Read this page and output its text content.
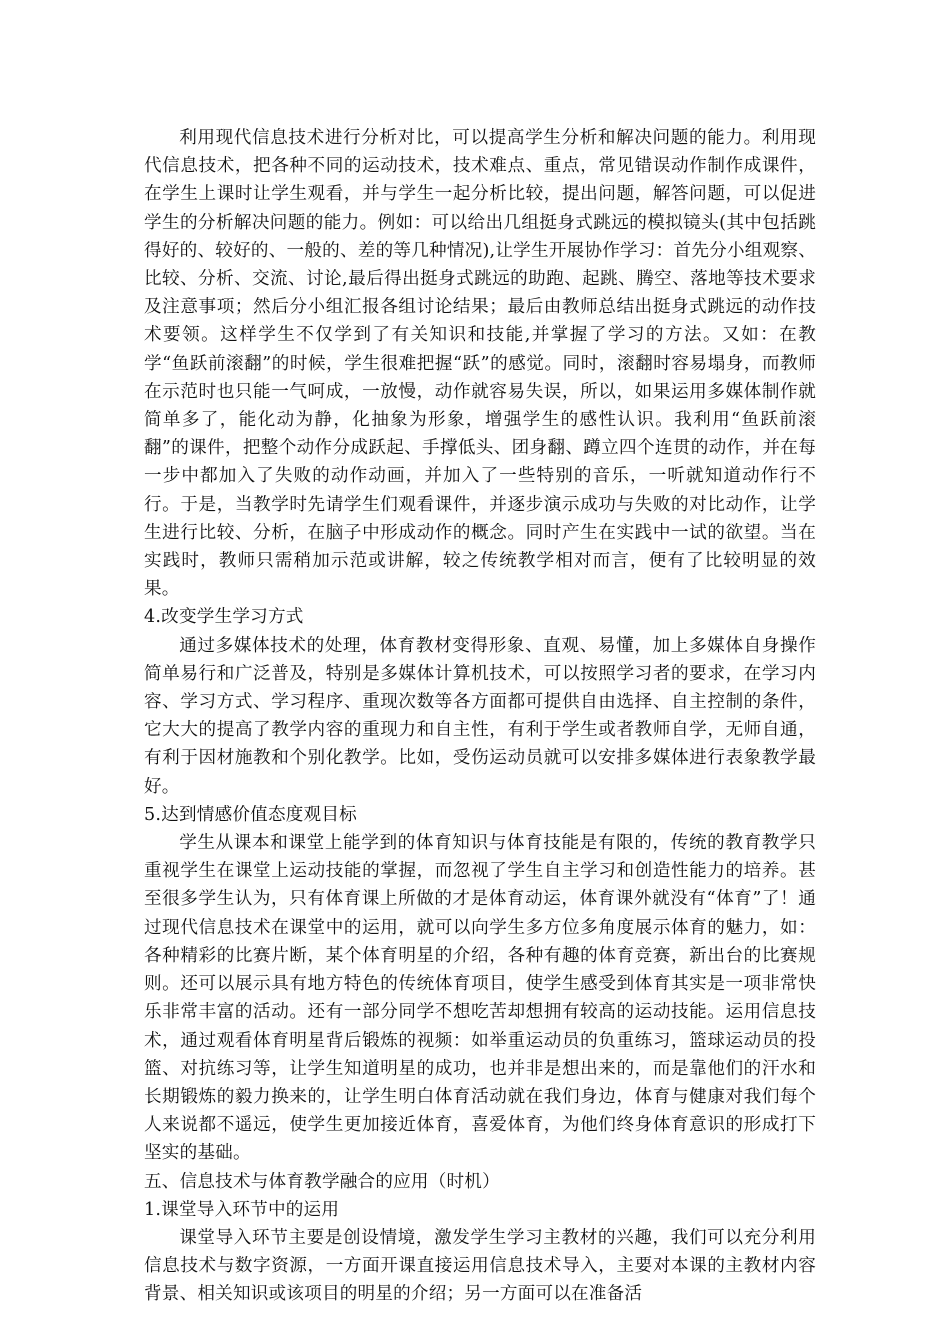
利用现代信息技术进行分析对比，可以提高学生分析和解决问题的能力。利用现代信息技术，把各种不同的运动技术，技术难点、重点，常见错误动作制作成课件，在学生上课时让学生观看，并与学生一起分析比较，提出问题，解答问题，可以促进学生的分析解决问题的能力。例如：可以给出几组挺身式跳远的模拟镜头(其中包括跳得好的、较好的、一般的、差的等几种情况),让学生开展协作学习：首先分小组观察、比较、分析、交流、讨论,最后得出挺身式跳远的助跑、起跳、腾空、落地等技术要求及注意事项；然后分小组汇报各组讨论结果；最后由教师总结出挺身式跳远的动作技术要领。这样学生不仅学到了有关知识和技能,并掌握了学习的方法。又如：在教学“鱼跃前滚翻”的时候，学生很难把握“跃”的感觉。同时，滚翻时容易塌身，而教师在示范时也只能一气呵成，一放慢，动作就容易失误，所以，如果运用多媒体制作就简单多了，能化动为静，化抽象为形象，增强学生的感性认识。我利用“鱼跃前滚翻”的课件，把整个动作分成跃起、手撑低头、团身翻、蹲立四个连贯的动作，并在每一步中都加入了失败的动作动画，并加入了一些特别的音乐，一听就知道动作行不行。于是，当教学时先请学生们观看课件，并逐步演示成功与失败的对比动作，让学生进行比较、分析，在脑子中形成动作的概念。同时产生在实践中一试的欲望。当在实践时，教师只需稍加示范或讲解，较之传统教学相对而言，便有了比较明显的效果。

4.改变学生学习方式

通过多媒体技术的处理，体育教材变得形象、直观、易懂，加上多媒体自身操作简单易行和广泛普及，特别是多媒体计算机技术，可以按照学习者的要求，在学习内容、学习方式、学习程序、重现次数等各方面都可提供自由选择、自主控制的条件，它大大的提高了教学内容的重现力和自主性，有利于学生或者教师自学，无师自通，有利于因材施教和个别化教学。比如，受伤运动员就可以安排多媒体进行表象教学最好。

5.达到情感价值态度观目标

学生从课本和课堂上能学到的体育知识与体育技能是有限的，传统的教育教学只重视学生在课堂上运动技能的掌握，而忽视了学生自主学习和创造性能力的培养。甚至很多学生认为，只有体育课上所做的才是体育动运，体育课外就没有“体育”了！通过现代信息技术在课堂中的运用，就可以向学生多方位多角度展示体育的魅力，如：各种精彩的比赛片断，某个体育明星的介绍，各种有趣的体育竞赛，新出台的比赛规则。还可以展示具有地方特色的传统体育项目，使学生感受到体育其实是一项非常快乐非常丰富的活动。还有一部分同学不想吃苦却想拥有较高的运动技能。运用信息技术，通过观看体育明星背后锻炼的视频：如举重运动员的负重练习，篮球运动员的投篮、对抗练习等，让学生知道明星的成功，也并非是想出来的，而是靠他们的汗水和长期锻炼的毅力换来的，让学生明白体育活动就在我们身边，体育与健康对我们每个人来说都不遥远，使学生更加接近体育，喜爱体育，为他们终身体育意识的形成打下坚实的基础。

五、信息技术与体育教学融合的应用（时机）

1.课堂导入环节中的运用

课堂导入环节主要是创设情境，激发学生学习主教材的兴趣，我们可以充分利用信息技术与数字资源，一方面开课直接运用信息技术导入，主要对本课的主教材内容背景、相关知识或该项目的明星的介绍；另一方面可以在准备活
